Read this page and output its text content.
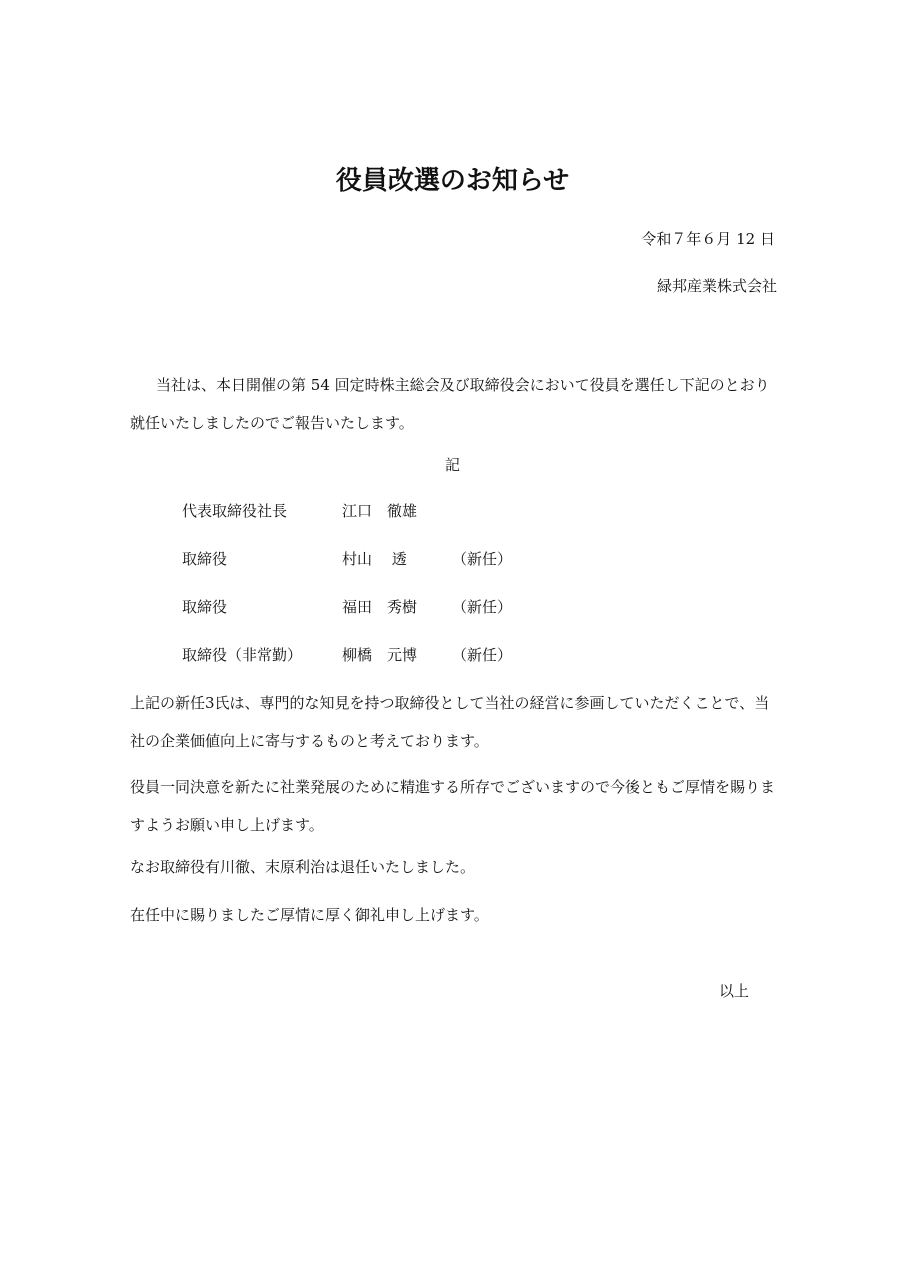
役員改選のお知らせ
令和７年６月 12 日
緑邦産業株式会社
当社は、本日開催の第 54 回定時株主総会及び取締役会において役員を選任し下記のとおり就任いたしましたのでご報告いたします。
記
代表取締役社長	江口　徹雄
取締役	村山　 透	（新任）
取締役	福田　秀樹	（新任）
取締役（非常勤）	柳橋　元博	（新任）
上記の新任3氏は、専門的な知見を持つ取締役として当社の経営に参画していただくことで、当社の企業価値向上に寄与するものと考えております。
役員一同決意を新たに社業発展のために精進する所存でございますので今後ともご厚情を賜りますようお願い申し上げます。
なお取締役有川徹、末原利治は退任いたしました。
在任中に賜りましたご厚情に厚く御礼申し上げます。
以上
